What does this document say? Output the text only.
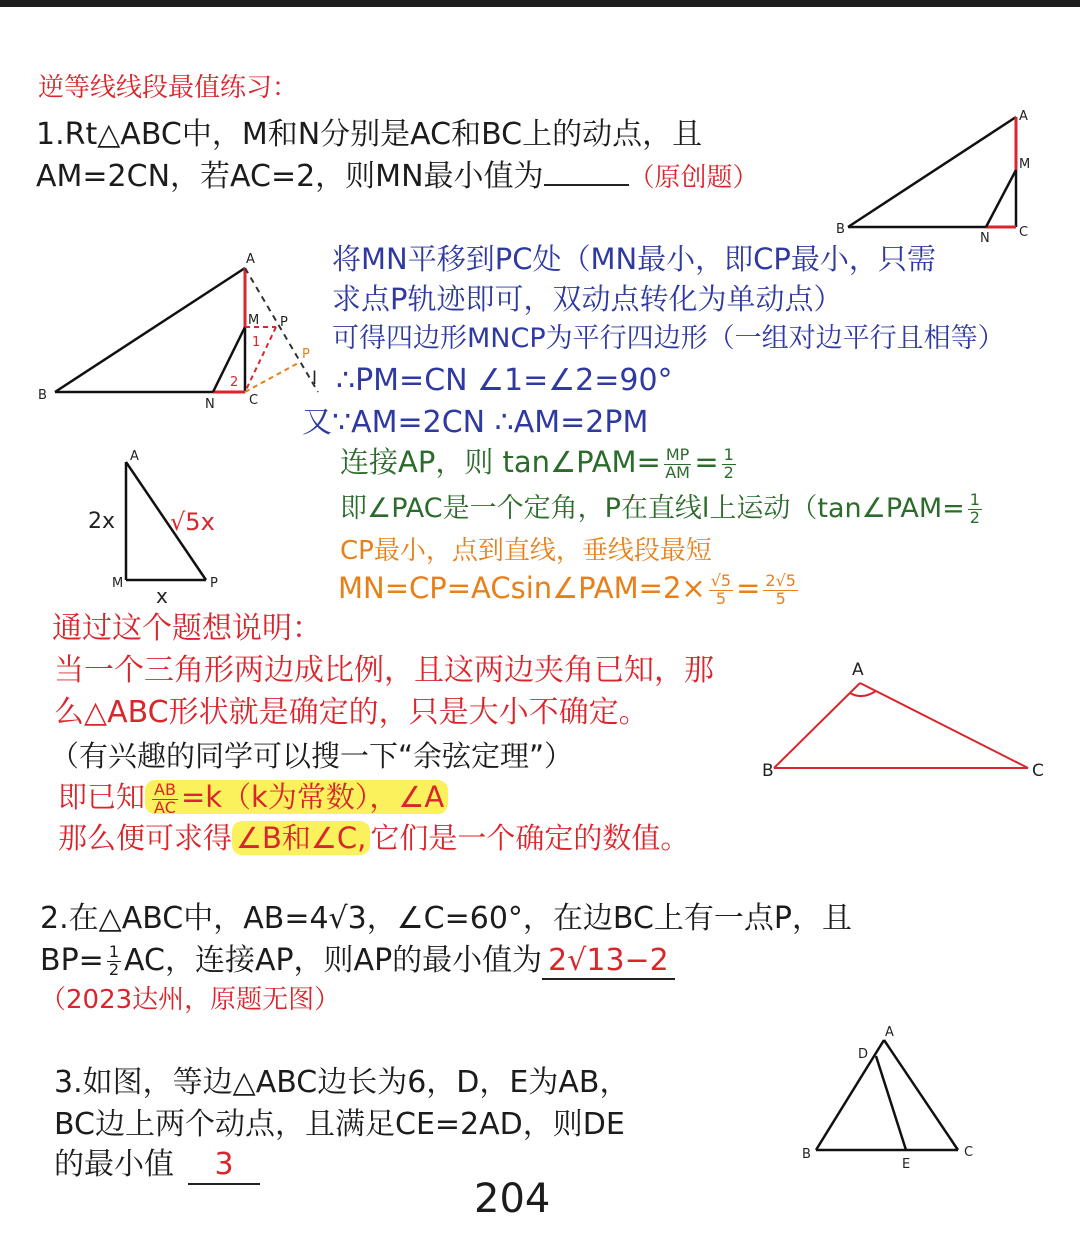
逆等线线段最值练习：
1.Rt△ABC中，M和N分别是AC和BC上的动点，且
AM=2CN，若AC=2，则MN最小值为	（原创题）
A
M
C
N
B
A
M P
P
C
N
B
1
2	l
将MN平移到PC处（MN最小，即CP最小，只需
求点P轨迹即可，双动点转化为单动点）
可得四边形MNCP为平行四边形（一组对边平行且相等）
∴PM=CN ∠1=∠2=90°
又∵AM=2CN ∴AM=2PM
连接AP，则 tan∠PAM= $\frac{MP}{AM} = \frac{1}{2}$
即∠PAC是一个定角，P在直线l上运动（tan∠PAM= $\frac{1}{2}$
CP最小，点到直线，垂线段最短
MN=CP=ACsin∠PAM=2× $\frac{√5}{5} = \frac{2√5}{5}$
A
M	P
2x √5x
x
通过这个题想说明：
当一个三角形两边成比例，且这两边夹角已知，那
么△ABC形状就是确定的，只是大小不确定。
（有兴趣的同学可以搜一下“余弦定理”）
即已知 $\frac{AB}{AC} =k(k$为常数），∠A
那么便可求得 ∠B和∠C, 它们是一个确定的数值。
A
B	C
2.在△ABC中，AB=4√3，∠C=60°，在边BC上有一点P，且
$BP= \frac{1}{2}$ AC，连接AP，则AP的最小值为 2√13−2
（2023达州，原题无图）
3.如图，等边△ABC边长为6，D，E为AB，
BC边上两个动点，且满足CE=2AD，则DE
的最小值 3
A
D
B
E
C
204
